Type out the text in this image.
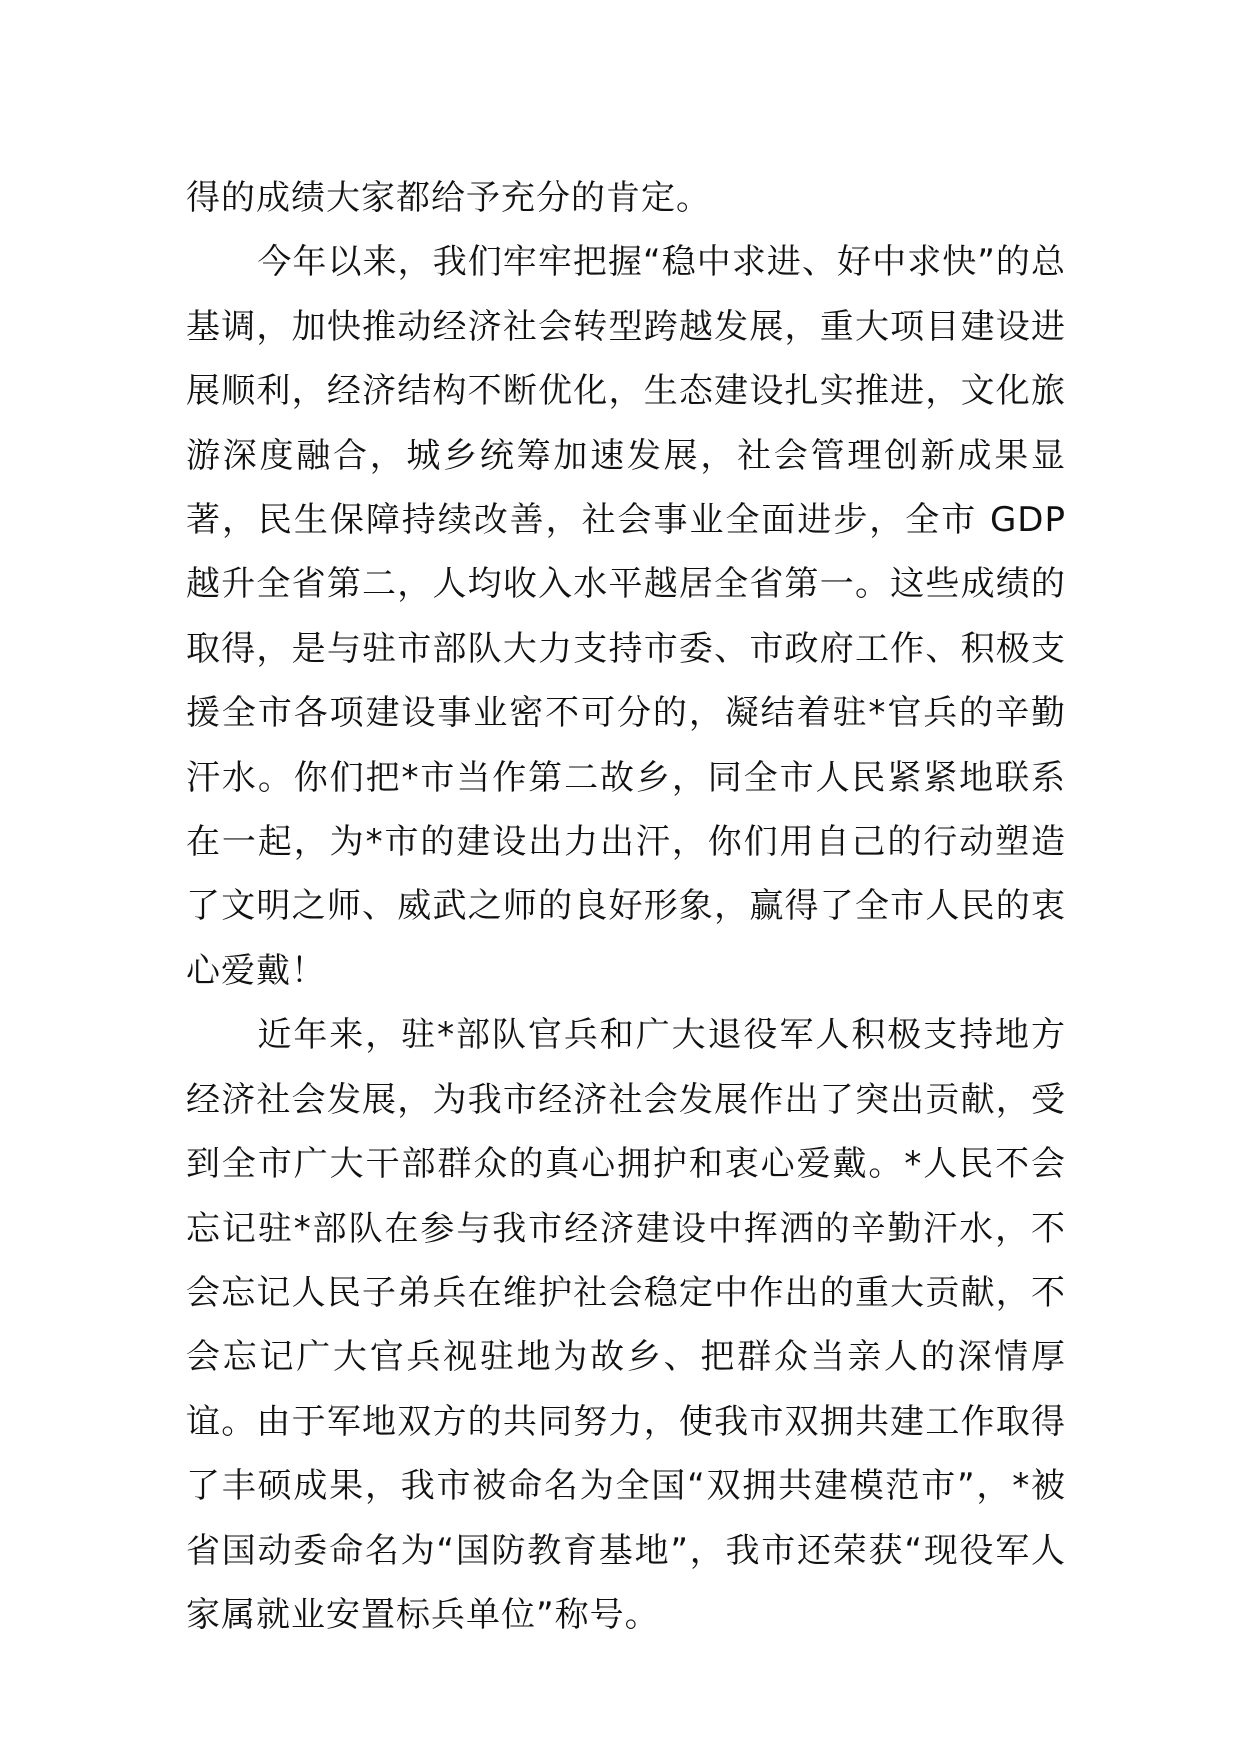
得的成绩大家都给予充分的肯定。

今年以来，我们牢牢把握“稳中求进、好中求快”的总基调，加快推动经济社会转型跨越发展，重大项目建设进展顺利，经济结构不断优化，生态建设扎实推进，文化旅游深度融合，城乡统筹加速发展，社会管理创新成果显著，民生保障持续改善，社会事业全面进步，全市 GDP 越升全省第二，人均收入水平越居全省第一。这些成绩的取得，是与驻市部队大力支持市委、市政府工作、积极支援全市各项建设事业密不可分的，凝结着驻*官兵的辛勤汗水。你们把*市当作第二故乡，同全市人民紧紧地联系在一起，为*市的建设出力出汗，你们用自己的行动塑造了文明之师、威武之师的良好形象，赢得了全市人民的衷心爱戴！

近年来，驻*部队官兵和广大退役军人积极支持地方经济社会发展，为我市经济社会发展作出了突出贡献，受到全市广大干部群众的真心拥护和衷心爱戴。*人民不会忘记驻*部队在参与我市经济建设中挥洒的辛勤汗水，不会忘记人民子弟兵在维护社会稳定中作出的重大贡献，不会忘记广大官兵视驻地为故乡、把群众当亲人的深情厚谊。由于军地双方的共同努力，使我市双拥共建工作取得了丰硕成果，我市被命名为全国“双拥共建模范市”，*被省国动委命名为“国防教育基地”，我市还荣获“现役军人家属就业安置标兵单位”称号。
